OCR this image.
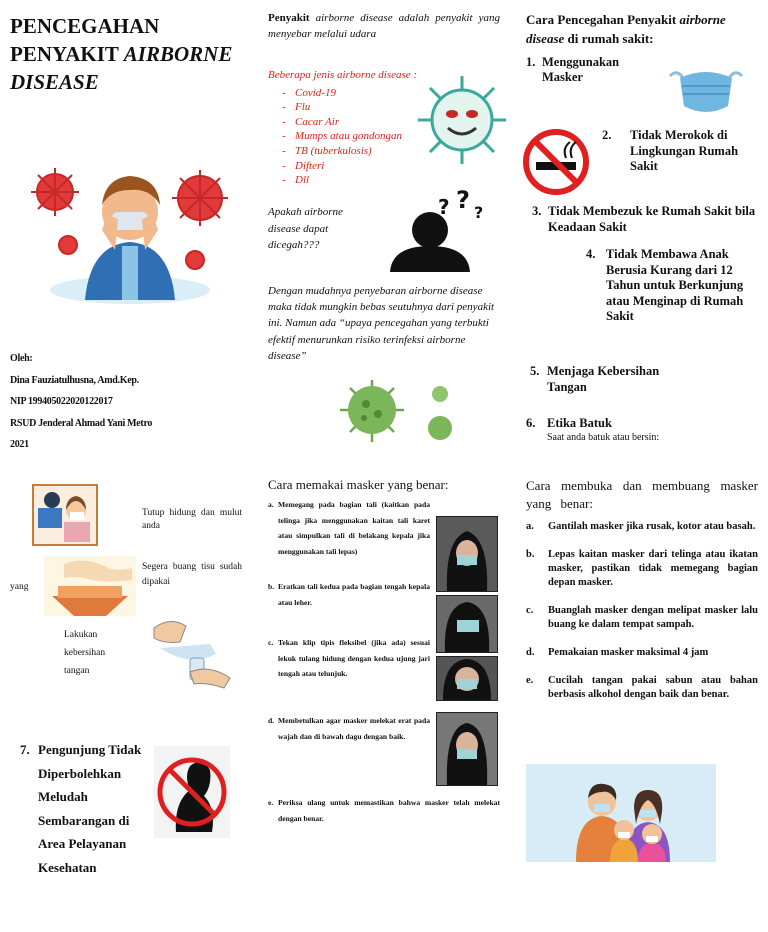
PENCEGAHAN
PENYAKIT AIRBORNE
DISEASE
Oleh:
Dina Fauziatulhusna, Amd.Kep.
NIP 199405022020122017
RSUD Jenderal Ahmad Yani Metro
2021
Tutup hidung dan mulut anda
Segera buang tisu sudah dipakai
yang
Lakukan kebersihan tangan
7. Pengunjung Tidak Diperbolehkan Meludah Sembarangan di Area Pelayanan Kesehatan
Penyakit airborne disease adalah penyakit yang menyebar melalui udara
Beberapa jenis airborne disease :
- Covid-19
- Flu
- Cacar Air
- Mumps atau gondongan
- TB (tuberkulosis)
- Difteri
- Dll
Apakah airborne disease dapat dicegah???
? ? ?
Dengan mudahnya penyebaran airborne disease maka tidak mungkin bebas seutuhnya dari penyakit ini. Namun ada “upaya pencegahan yang terbukti efektif menurunkan risiko terinfeksi airborne disease”
Cara memakai masker yang benar:
a. Memegang pada bagian tali (kaitkan pada telinga jika menggunakan kaitan tali karet atau simpulkan tali di belakang kepala jika menggunakan tali lepas)
b. Eratkan tali kedua pada bagian tengah kepala atau leher.
c. Tekan klip tipis fleksibel (jika ada) sesuai lekuk tulang hidung dengan kedua ujung jari tengah atau telunjuk.
d. Membetulkan agar masker melekat erat pada wajah dan di bawah dagu dengan baik.
e. Periksa ulang untuk memastikan bahwa masker telah melekat dengan benar.
Cara Pencegahan Penyakit airborne disease di rumah sakit:
1. Menggunakan Masker
2.	Tidak Merokok di Lingkungan Rumah Sakit
3. Tidak Membezuk ke Rumah Sakit bila Keadaan Sakit
4. Tidak Membawa Anak Berusia Kurang dari 12 Tahun untuk Berkunjung atau Menginap di Rumah Sakit
5. Menjaga Kebersihan Tangan
6. Etika Batuk
Saat anda batuk atau bersin:
Cara membuka dan membuang masker yang benar:
a. Gantilah masker jika rusak, kotor atau basah.
b. Lepas kaitan masker dari telinga atau ikatan masker, pastikan tidak memegang bagian depan masker.
c. Buanglah masker dengan melipat masker lalu buang ke dalam tempat sampah.
d. Pemakaian masker maksimal 4 jam
e. Cucilah tangan pakai sabun atau bahan berbasis alkohol dengan baik dan benar.
